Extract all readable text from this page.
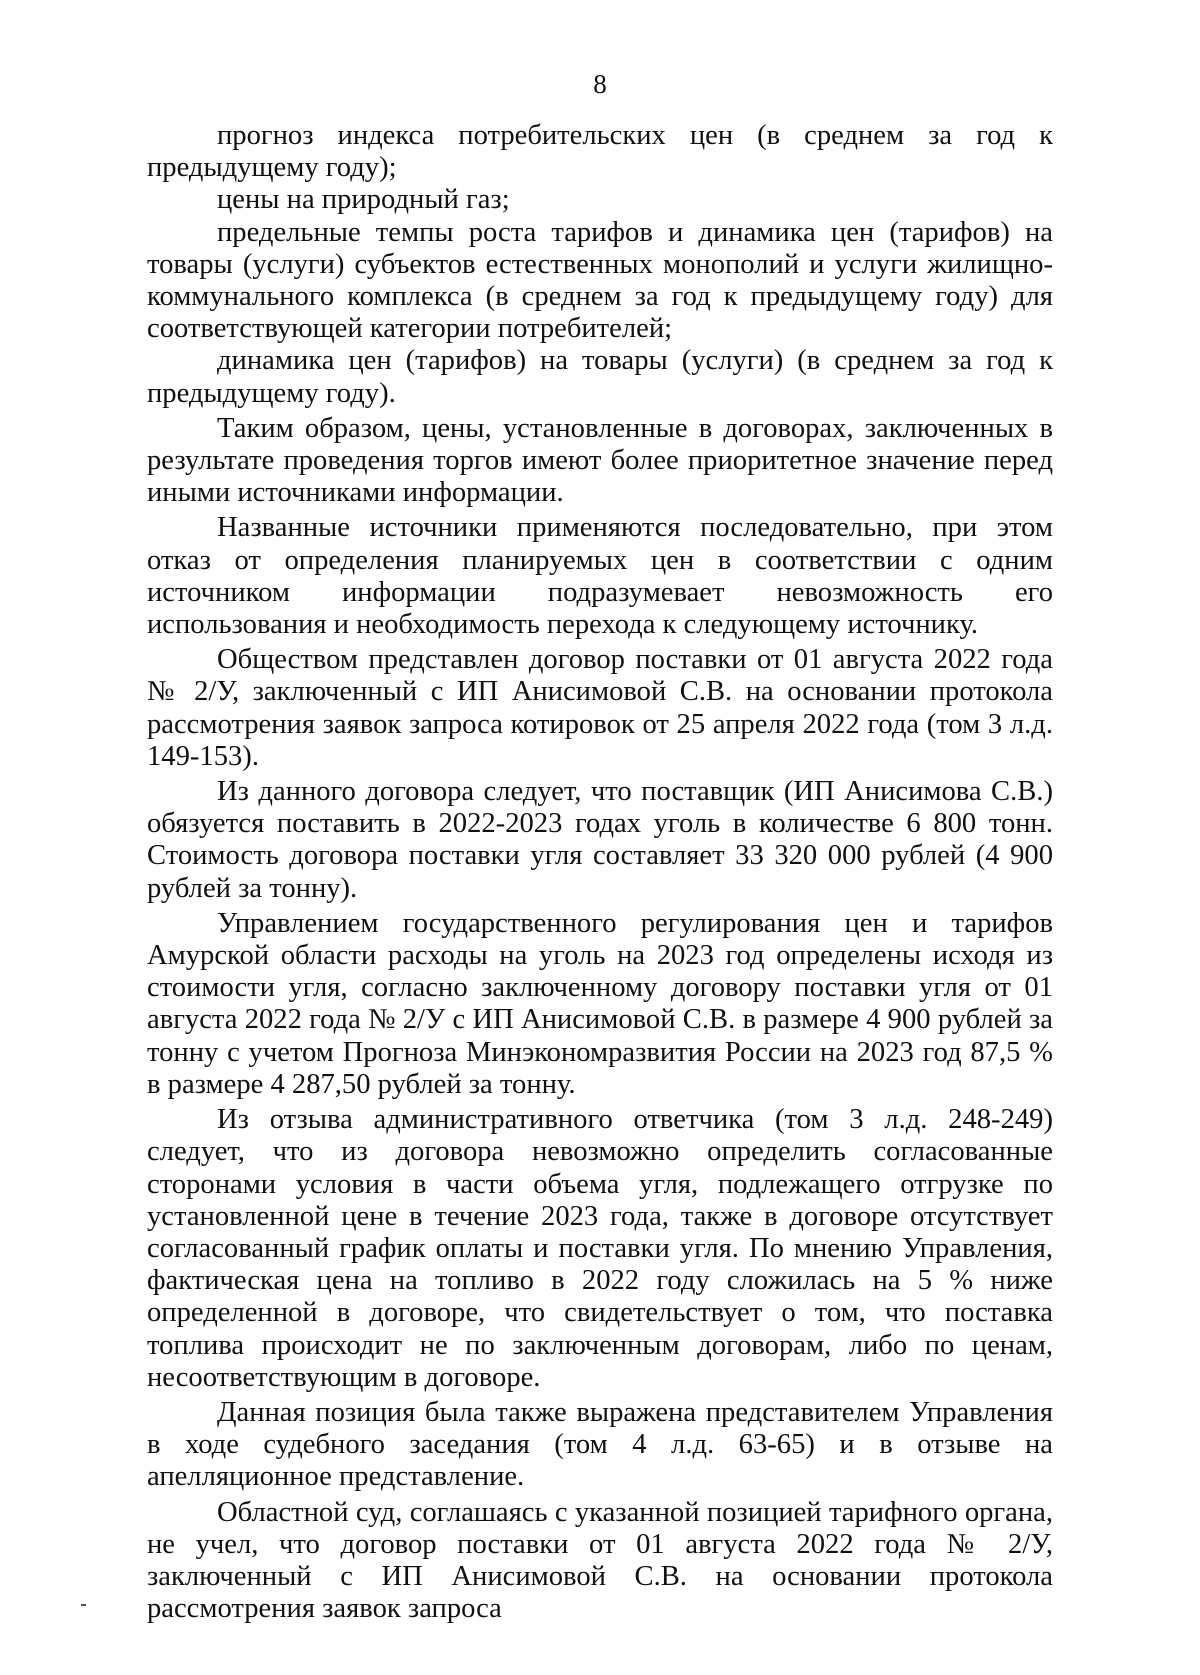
8

прогноз индекса потребительских цен (в среднем за год к предыдущему году);

цены на природный газ;

предельные темпы роста тарифов и динамика цен (тарифов) на товары (услуги) субъектов естественных монополий и услуги жилищно-коммунального комплекса (в среднем за год к предыдущему году) для соответствующей категории потребителей;

динамика цен (тарифов) на товары (услуги) (в среднем за год к предыдущему году).

Таким образом, цены, установленные в договорах, заключенных в результате проведения торгов имеют более приоритетное значение перед иными источниками информации.

Названные источники применяются последовательно, при этом отказ от определения планируемых цен в соответствии с одним источником информации подразумевает невозможность его использования и необходимость перехода к следующему источнику.

Обществом представлен договор поставки от 01 августа 2022 года № 2/У, заключенный с ИП Анисимовой С.В. на основании протокола рассмотрения заявок запроса котировок от 25 апреля 2022 года (том 3 л.д. 149-153).

Из данного договора следует, что поставщик (ИП Анисимова С.В.) обязуется поставить в 2022-2023 годах уголь в количестве 6 800 тонн. Стоимость договора поставки угля составляет 33 320 000 рублей (4 900 рублей за тонну).

Управлением государственного регулирования цен и тарифов Амурской области расходы на уголь на 2023 год определены исходя из стоимости угля, согласно заключенному договору поставки угля от 01 августа 2022 года № 2/У с ИП Анисимовой С.В. в размере 4 900 рублей за тонну с учетом Прогноза Минэкономразвития России на 2023 год 87,5 % в размере 4 287,50 рублей за тонну.

Из отзыва административного ответчика (том 3 л.д. 248-249) следует, что из договора невозможно определить согласованные сторонами условия в части объема угля, подлежащего отгрузке по установленной цене в течение 2023 года, также в договоре отсутствует согласованный график оплаты и поставки угля. По мнению Управления, фактическая цена на топливо в 2022 году сложилась на 5 % ниже определенной в договоре, что свидетельствует о том, что поставка топлива происходит не по заключенным договорам, либо по ценам, несоответствующим в договоре.

Данная позиция была также выражена представителем Управления в ходе судебного заседания (том 4 л.д. 63-65) и в отзыве на апелляционное представление.

Областной суд, соглашаясь с указанной позицией тарифного органа, не учел, что договор поставки от 01 августа 2022 года № 2/У, заключенный с ИП Анисимовой С.В. на основании протокола рассмотрения заявок запроса
